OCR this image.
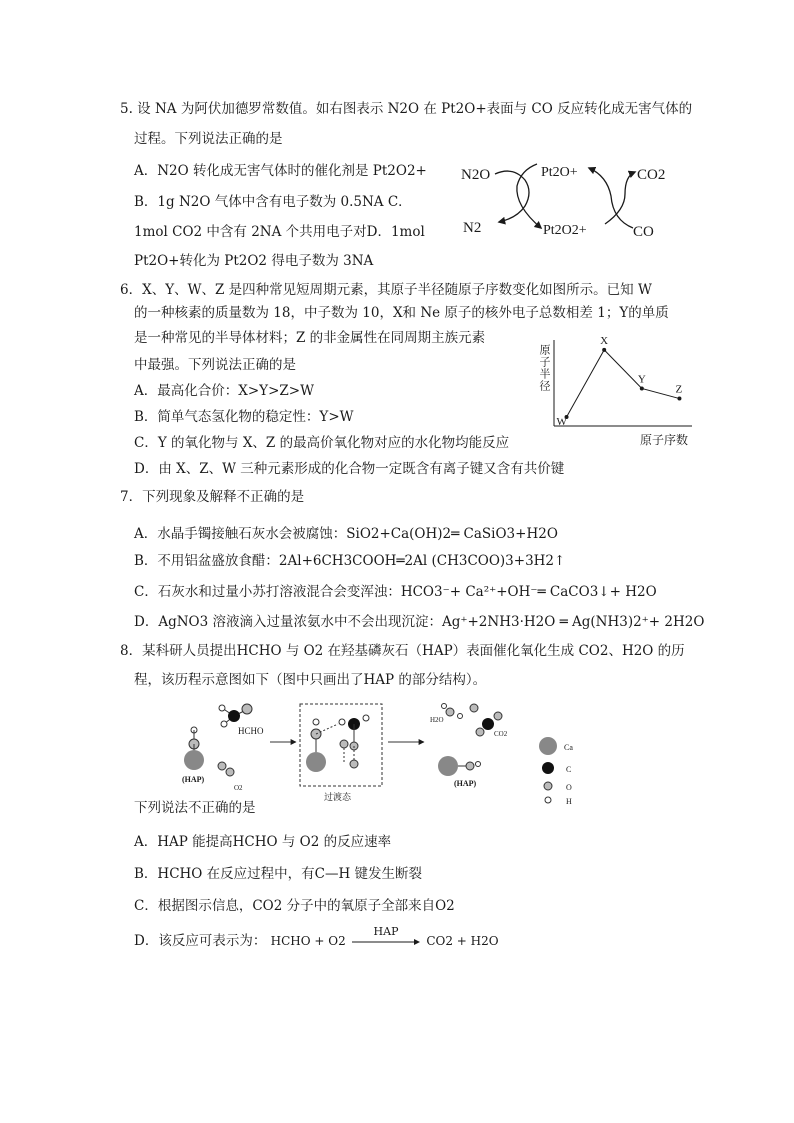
5. 设 NA 为阿伏加德罗常数值。如右图表示 N2O 在 Pt2O+表面与 CO 反应转化成无害气体的
过程。下列说法正确的是
A．N2O 转化成无害气体时的催化剂是 Pt2O2+
B．1g N2O 气体中含有电子数为 0.5NA C．
1mol CO2 中含有 2NA 个共用电子对D．1mol
Pt2O+转化为 Pt2O2 得电子数为 3NA
N2O
N2
Pt2O+
Pt2O2+
CO2
CO
6．X、Y、W、Z 是四种常见短周期元素，其原子半径随原子序数变化如图所示。已知 W
的一种核素的质量数为 18，中子数为 10，X和 Ne 原子的核外电子总数相差 1；Y的单质
是一种常见的半导体材料；Z 的非金属性在同周期主族元素
中最强。下列说法正确的是
A．最高化合价：X>Y>Z>W
B．简单气态氢化物的稳定性：Y>W
C．Y 的氧化物与 X、Z 的最高价氧化物对应的水化物均能反应
D．由 X、Z、W 三种元素形成的化合物一定既含有离子键又含有共价键
原子半径
原子序数
W
X
Y
Z
7．下列现象及解释不正确的是
A．水晶手镯接触石灰水会被腐蚀：SiO2+Ca(OH)2═ CaSiO3+H2O
B．不用铝盆盛放食醋：2Al+6CH3COOH═2Al (CH3COO)3+3H2↑
C．石灰水和过量小苏打溶液混合会变浑浊：HCO3⁻+ Ca²⁺+OH⁻═ CaCO3↓+ H2O
D．AgNO3 溶液滴入过量浓氨水中不会出现沉淀：Ag⁺+2NH3·H2O ═ Ag(NH3)2⁺+ 2H2O
8．某科研人员提出HCHO 与 O2 在羟基磷灰石（HAP）表面催化氧化生成 CO2、H2O 的历
程，该历程示意图如下（图中只画出了HAP 的部分结构）。
HCHO
(HAP)
O2
过渡态
H2O
CO2
(HAP)
Ca
C
O
H
下列说法不正确的是
A．HAP 能提高HCHO 与 O2 的反应速率
B．HCHO 在反应过程中，有C—H 键发生断裂
C．根据图示信息，CO2 分子中的氧原子全部来自O2
D．该反应可表示为： HCHO + O2
HAP
CO2 + H2O
